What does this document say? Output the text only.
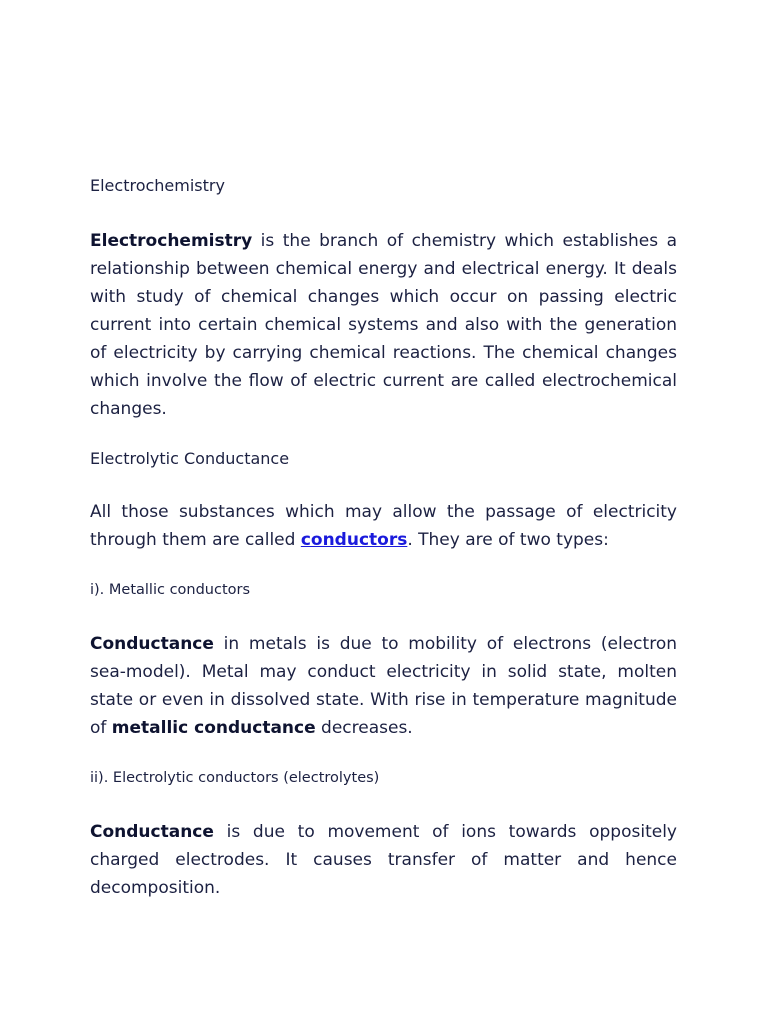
Electrochemistry

Electrochemistry is the branch of chemistry which establishes a relationship between chemical energy and electrical energy. It deals with study of chemical changes which occur on passing electric current into certain chemical systems and also with the generation of electricity by carrying chemical reactions. The chemical changes which involve the flow of electric current are called electrochemical changes.

Electrolytic Conductance

All those substances which may allow the passage of electricity through them are called conductors. They are of two types:

i). Metallic conductors

Conductance in metals is due to mobility of electrons (electron sea-model). Metal may conduct electricity in solid state, molten state or even in dissolved state. With rise in temperature magnitude of metallic conductance decreases.

ii). Electrolytic conductors (electrolytes)

Conductance is due to movement of ions towards oppositely charged electrodes. It causes transfer of matter and hence decomposition.
